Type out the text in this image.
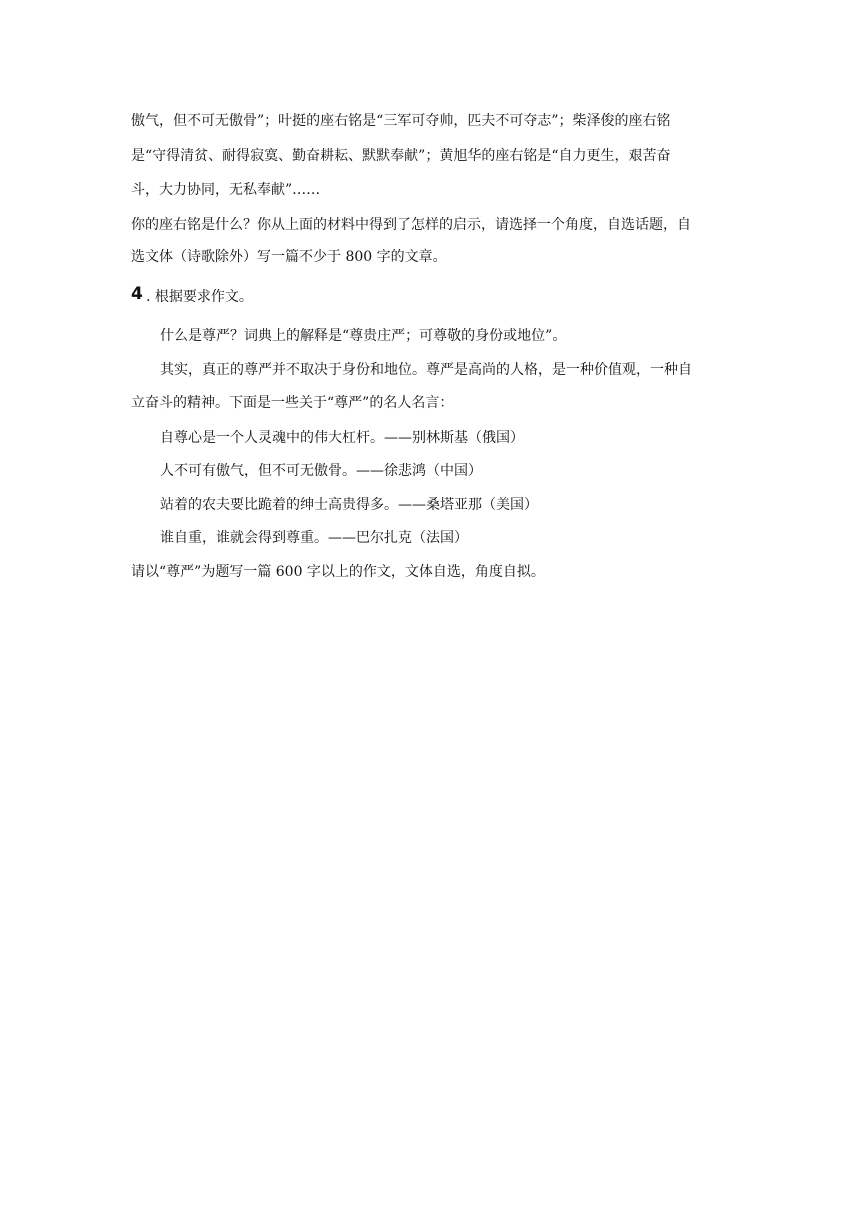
傲气，但不可无傲骨”；叶挺的座右铭是“三军可夺帅，匹夫不可夺志”；柴泽俊的座右铭
是“守得清贫、耐得寂寞、勤奋耕耘、默默奉献”；黄旭华的座右铭是“自力更生，艰苦奋
斗，大力协同，无私奉献”……
你的座右铭是什么？你从上面的材料中得到了怎样的启示，请选择一个角度，自选话题，自
选文体（诗歌除外）写一篇不少于 800 字的文章。
4 . 根据要求作文。
什么是尊严？词典上的解释是“尊贵庄严；可尊敬的身份或地位”。
其实，真正的尊严并不取决于身份和地位。尊严是高尚的人格，是一种价值观，一种自
立奋斗的精神。下面是一些关于“尊严”的名人名言：
自尊心是一个人灵魂中的伟大杠杆。——别林斯基（俄国）
人不可有傲气，但不可无傲骨。——徐悲鸿（中国）
站着的农夫要比跪着的绅士高贵得多。——桑塔亚那（美国）
谁自重，谁就会得到尊重。——巴尔扎克（法国）
请以“尊严”为题写一篇 600 字以上的作文，文体自选，角度自拟。
